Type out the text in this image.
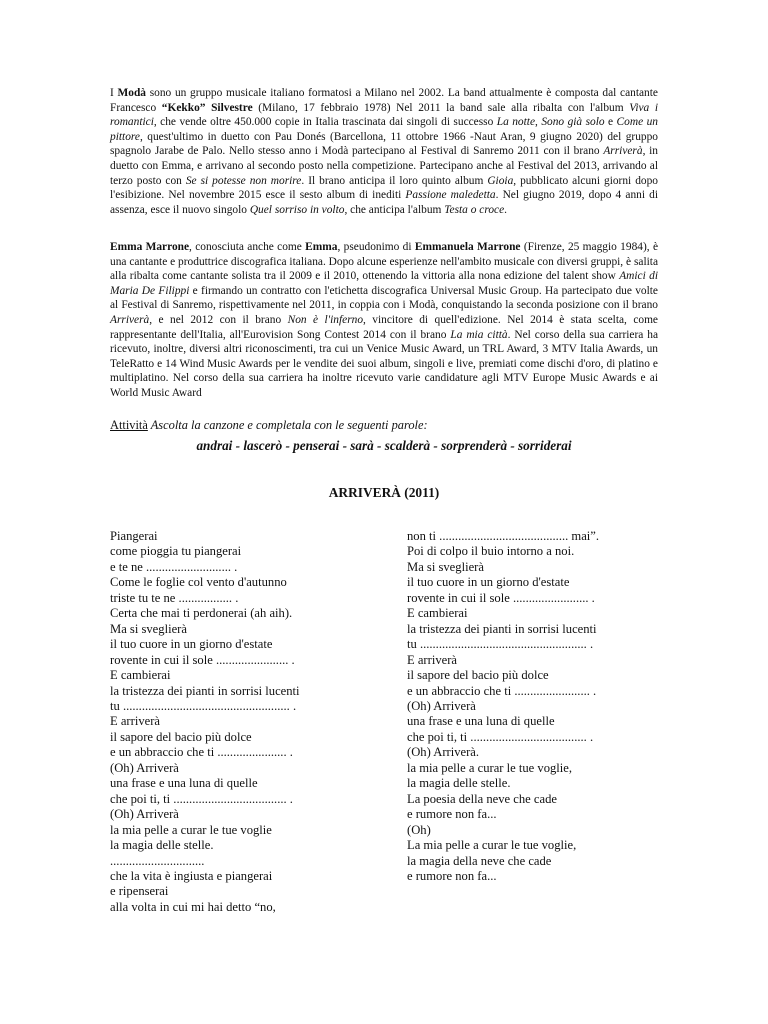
I Modà sono un gruppo musicale italiano formatosi a Milano nel 2002. La band attualmente è composta dal cantante Francesco “Kekko” Silvestre (Milano, 17 febbraio 1978) Nel 2011 la band sale alla ribalta con l'album Viva i romantici, che vende oltre 450.000 copie in Italia trascinata dai singoli di successo La notte, Sono già solo e Come un pittore, quest'ultimo in duetto con Pau Donés (Barcellona, 11 ottobre 1966 -Naut Aran, 9 giugno 2020) del gruppo spagnolo Jarabe de Palo. Nello stesso anno i Modà partecipano al Festival di Sanremo 2011 con il brano Arriverà, in duetto con Emma, e arrivano al secondo posto nella competizione. Partecipano anche al Festival del 2013, arrivando al terzo posto con Se si potesse non morire. Il brano anticipa il loro quinto album Gioia, pubblicato alcuni giorni dopo l'esibizione. Nel novembre 2015 esce il sesto album di inediti Passione maledetta. Nel giugno 2019, dopo 4 anni di assenza, esce il nuovo singolo Quel sorriso in volto, che anticipa l'album Testa o croce.

Emma Marrone, conosciuta anche come Emma, pseudonimo di Emmanuela Marrone (Firenze, 25 maggio 1984), è una cantante e produttrice discografica italiana. Dopo alcune esperienze nell'ambito musicale con diversi gruppi, è salita alla ribalta come cantante solista tra il 2009 e il 2010, ottenendo la vittoria alla nona edizione del talent show Amici di Maria De Filippi e firmando un contratto con l'etichetta discografica Universal Music Group. Ha partecipato due volte al Festival di Sanremo, rispettivamente nel 2011, in coppia con i Modà, conquistando la seconda posizione con il brano Arriverà, e nel 2012 con il brano Non è l'inferno, vincitore di quell'edizione. Nel 2014 è stata scelta, come rappresentante dell'Italia, all'Eurovision Song Contest 2014 con il brano La mia città. Nel corso della sua carriera ha ricevuto, inoltre, diversi altri riconoscimenti, tra cui un Venice Music Award, un TRL Award, 3 MTV Italia Awards, un TeleRatto e 14 Wind Music Awards per le vendite dei suoi album, singoli e live, premiati come dischi d'oro, di platino e multiplatino. Nel corso della sua carriera ha inoltre ricevuto varie candidature agli MTV Europe Music Awards e ai World Music Award

Attività Ascolta la canzone e completala con le seguenti parole:
andrai - lascerò - penserai - sarà - scalderà - sorprenderà - sorriderai
ARRIVERÀ (2011)
Piangerai
come pioggia tu piangerai
e te ne ........................... .
Come le foglie col vento d'autunno
triste tu te ne ................. .
Certa che mai ti perdonerai (ah aih).
Ma si sveglierà
il tuo cuore in un giorno d'estate
rovente in cui il sole ....................... .
E cambierai
la tristezza dei pianti in sorrisi lucenti
tu ..................................................... .
E arriverà
il sapore del bacio più dolce
e un abbraccio che ti ...................... .
(Oh) Arriverà
una frase e una luna di quelle
che poi ti, ti .................................... .
(Oh) Arriverà
la mia pelle a curar le tue voglie
la magia delle stelle.
..............................
che la vita è ingiusta e piangerai
e ripenserai
alla volta in cui mi hai detto “no,
non ti ......................................... mai”.
Poi di colpo il buio intorno a noi.
Ma si sveglierà
il tuo cuore in un giorno d'estate
rovente in cui il sole ........................ .
E cambierai
la tristezza dei pianti in sorrisi lucenti
tu ..................................................... .
E arriverà
il sapore del bacio più dolce
e un abbraccio che ti ........................ .
(Oh) Arriverà
una frase e una luna di quelle
che poi ti, ti ..................................... .
(Oh) Arriverà.
la mia pelle a curar le tue voglie,
la magia delle stelle.
La poesia della neve che cade
e rumore non fa...
(Oh)
La mia pelle a curar le tue voglie,
la magia della neve che cade
e rumore non fa...
